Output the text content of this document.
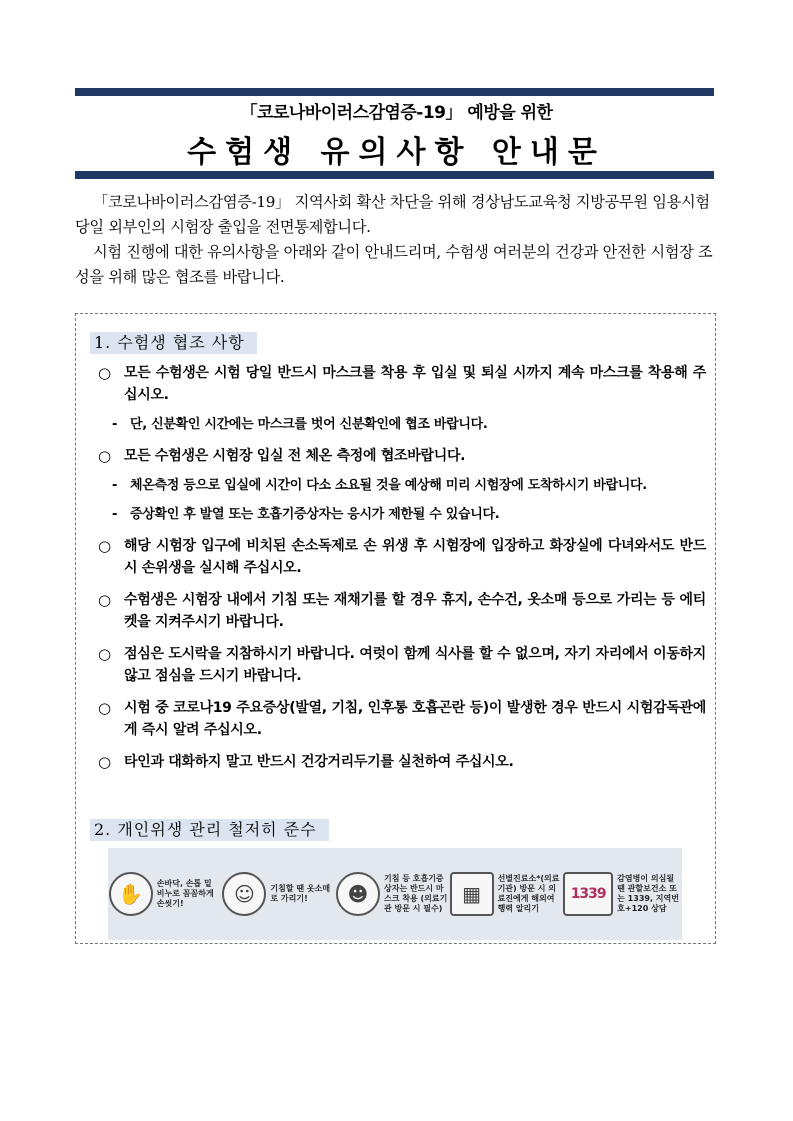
「코로나바이러스감염증-19」 예방을 위한
수험생 유의사항 안내문

「코로나바이러스감염증-19」 지역사회 확산 차단을 위해 경상남도교육청 지방공무원 임용시험 당일 외부인의 시험장 출입을 전면통제합니다.

시험 진행에 대한 유의사항을 아래와 같이 안내드리며, 수험생 여러분의 건강과 안전한 시험장 조성을 위해 많은 협조를 바랍니다.

1. 수험생 협조 사항
○ 모든 수험생은 시험 당일 반드시 마스크를 착용 후 입실 및 퇴실 시까지 계속 마스크를 착용해 주십시오.
- 단, 신분확인 시간에는 마스크를 벗어 신분확인에 협조 바랍니다.
○ 모든 수험생은 시험장 입실 전 체온 측정에 협조바랍니다.
- 체온측정 등으로 입실에 시간이 다소 소요될 것을 예상해 미리 시험장에 도착하시기 바랍니다.
- 증상확인 후 발열 또는 호흡기증상자는 응시가 제한될 수 있습니다.
○ 해당 시험장 입구에 비치된 손소독제로 손 위생 후 시험장에 입장하고 화장실에 다녀와서도 반드시 손위생을 실시해 주십시오.
○ 수험생은 시험장 내에서 기침 또는 재채기를 할 경우 휴지, 손수건, 옷소매 등으로 가리는 등 에티켓을 지켜주시기 바랍니다.
○ 점심은 도시락을 지참하시기 바랍니다. 여럿이 함께 식사를 할 수 없으며, 자기 자리에서 이동하지 않고 점심을 드시기 바랍니다.
○ 시험 중 코로나19 주요증상(발열, 기침, 인후통 호흡곤란 등)이 발생한 경우 반드시 시험감독관에게 즉시 알려 주십시오.
○ 타인과 대화하지 말고 반드시 건강거리두기를 실천하여 주십시오.
2. 개인위생 관리 철저히 준수
✋	손바닥, 손톱 밑 비누로 꼼꼼하게 손씻기!	☺	기침할 땐 옷소매로 가리기!	☻
기침 등 호흡기증상자는 반드시 마스크 착용 (의료기관 방문 시 필수)
▦
선별진료소*(의료기관) 방문 시 의료진에게 해외여행력 알리기
1339
감염병이 의심될 땐 관할보건소 또는 1339, 지역번호+120 상담
